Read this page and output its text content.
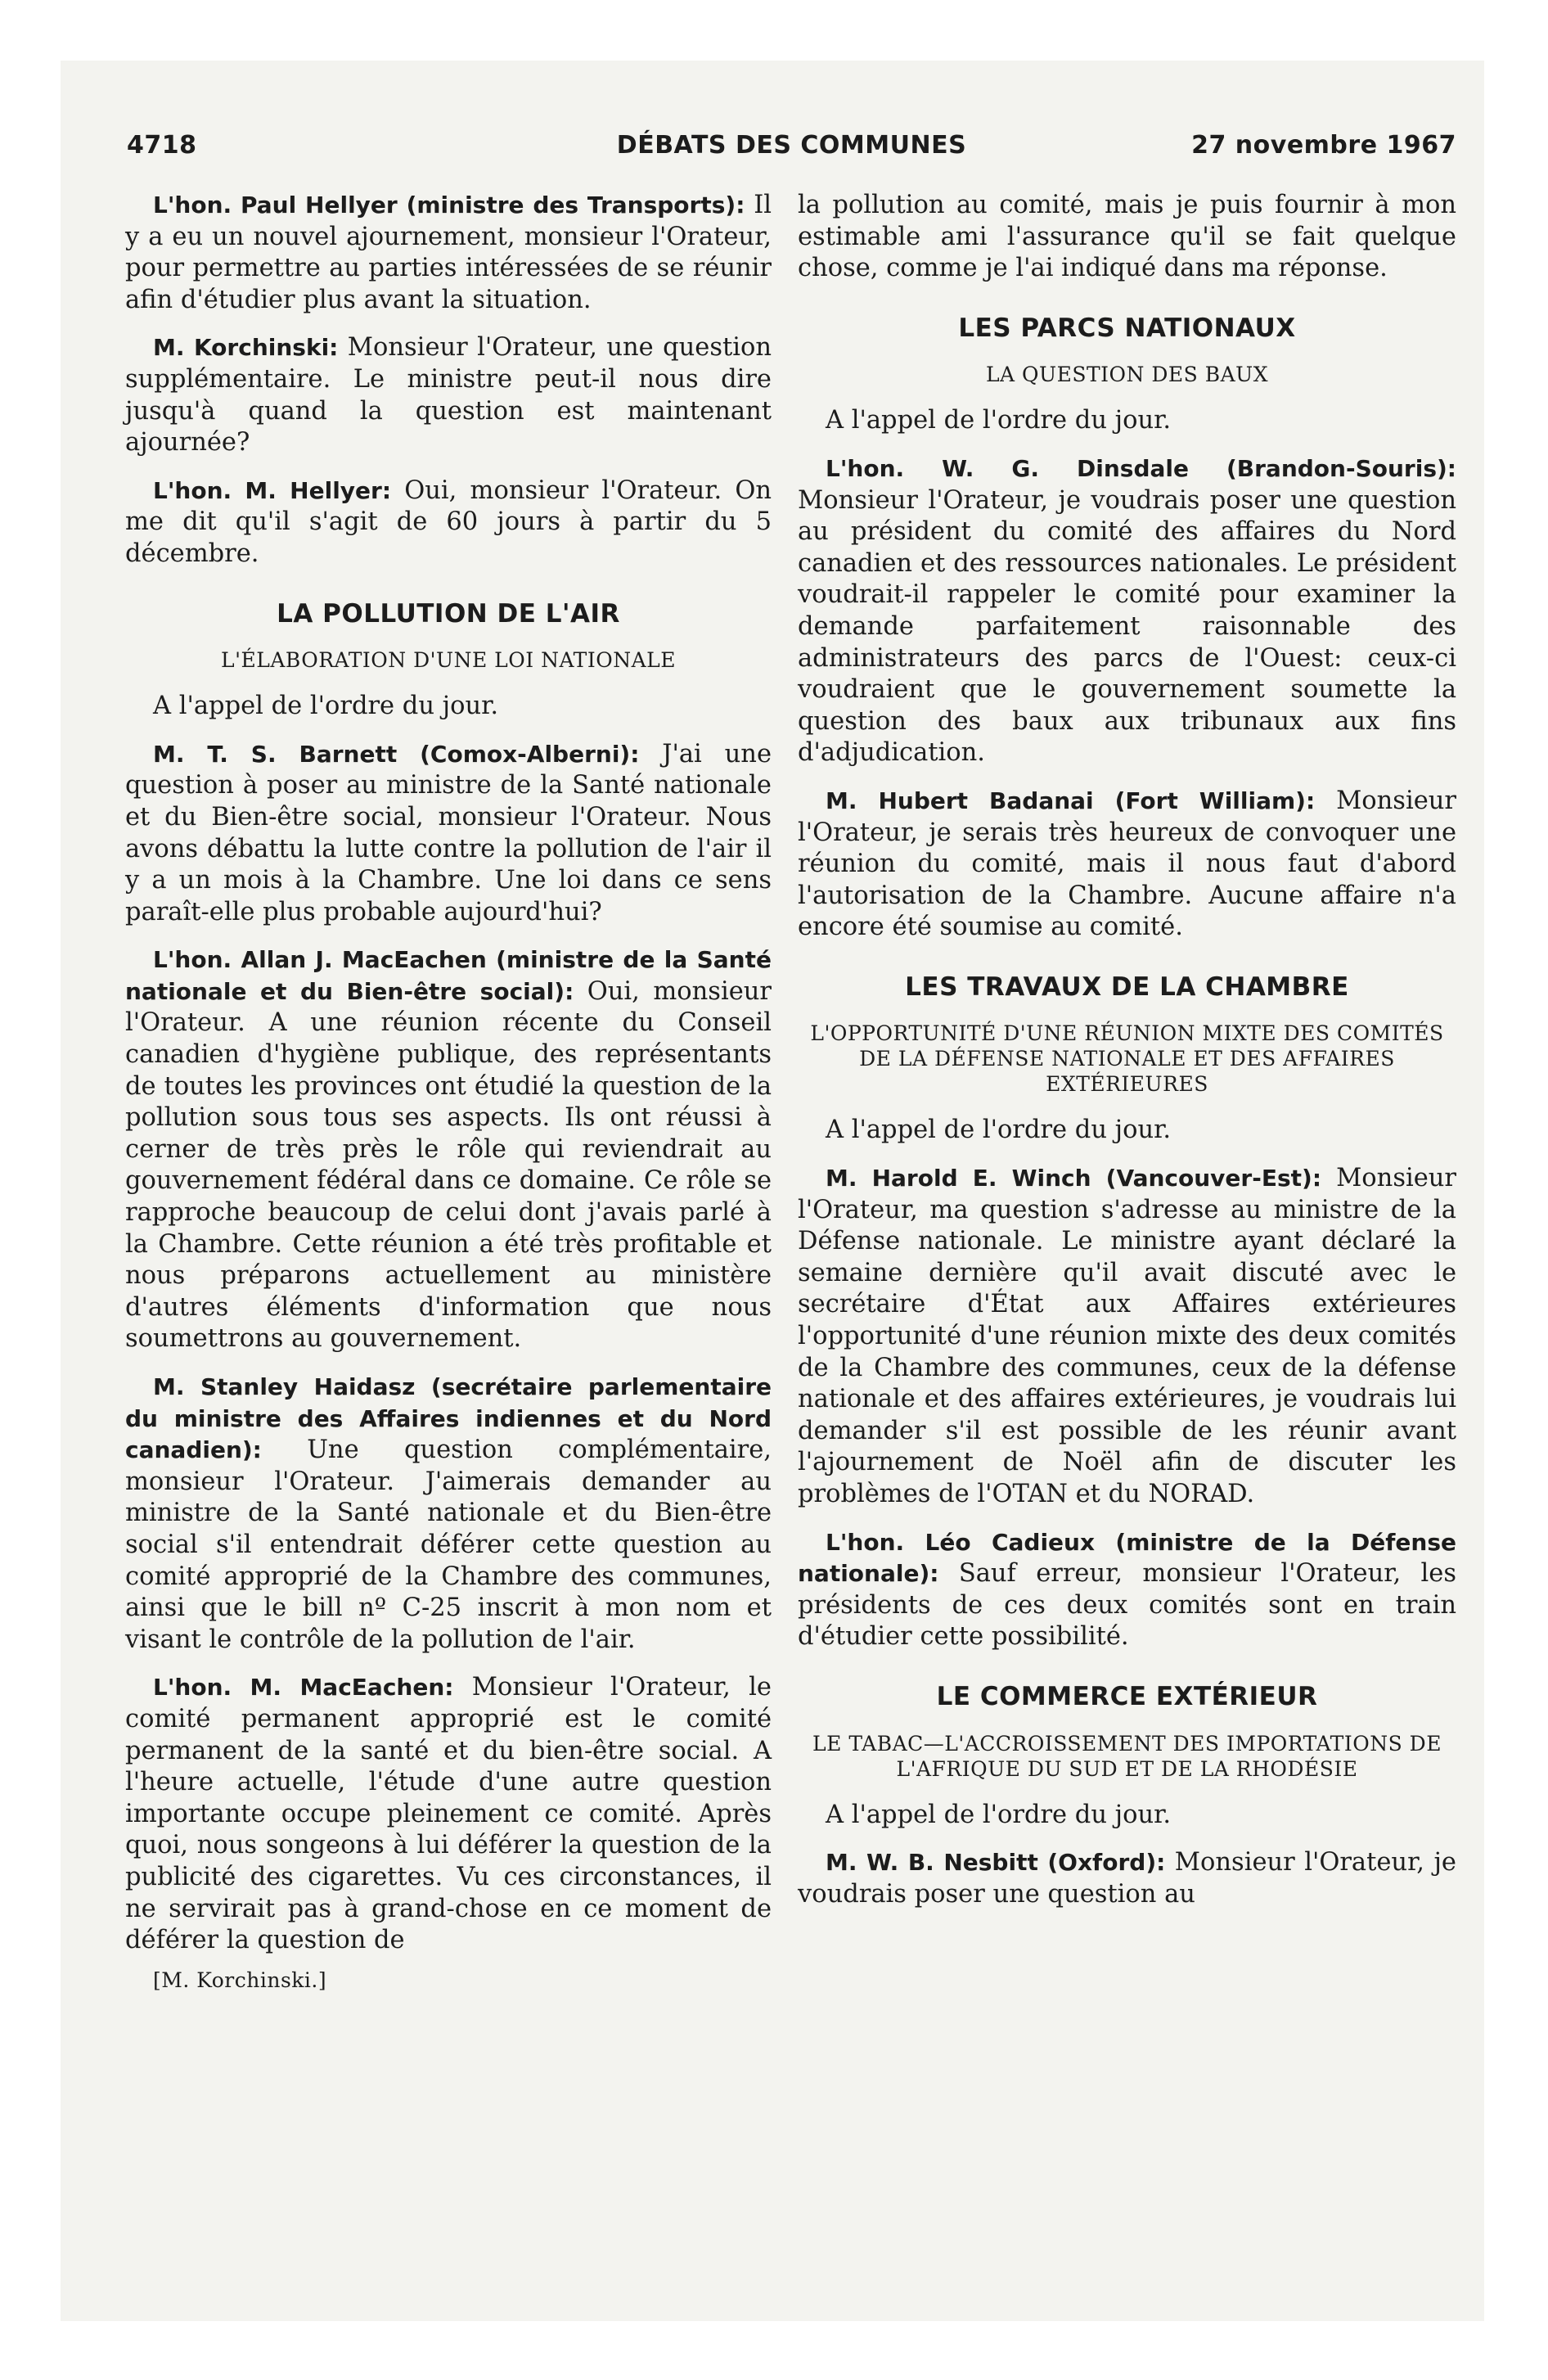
4718	DÉBATS DES COMMUNES	27 novembre 1967

L'hon. Paul Hellyer (ministre des Transports): Il y a eu un nouvel ajournement, monsieur l'Orateur, pour permettre au parties intéressées de se réunir afin d'étudier plus avant la situation.

M. Korchinski: Monsieur l'Orateur, une question supplémentaire. Le ministre peut-il nous dire jusqu'à quand la question est maintenant ajournée?

L'hon. M. Hellyer: Oui, monsieur l'Orateur. On me dit qu'il s'agit de 60 jours à partir du 5 décembre.

LA POLLUTION DE L'AIR
L'ÉLABORATION D'UNE LOI NATIONALE

A l'appel de l'ordre du jour.

M. T. S. Barnett (Comox-Alberni): J'ai une question à poser au ministre de la Santé nationale et du Bien-être social, monsieur l'Orateur. Nous avons débattu la lutte contre la pollution de l'air il y a un mois à la Chambre. Une loi dans ce sens paraît-elle plus probable aujourd'hui?

L'hon. Allan J. MacEachen (ministre de la Santé nationale et du Bien-être social): Oui, monsieur l'Orateur. A une réunion récente du Conseil canadien d'hygiène publique, des représentants de toutes les provinces ont étudié la question de la pollution sous tous ses aspects. Ils ont réussi à cerner de très près le rôle qui reviendrait au gouvernement fédéral dans ce domaine. Ce rôle se rapproche beaucoup de celui dont j'avais parlé à la Chambre. Cette réunion a été très profitable et nous préparons actuellement au ministère d'autres éléments d'information que nous soumettrons au gouvernement.

M. Stanley Haidasz (secrétaire parlementaire du ministre des Affaires indiennes et du Nord canadien): Une question complémentaire, monsieur l'Orateur. J'aimerais demander au ministre de la Santé nationale et du Bien-être social s'il entendrait déférer cette question au comité approprié de la Chambre des communes, ainsi que le bill nº C-25 inscrit à mon nom et visant le contrôle de la pollution de l'air.

L'hon. M. MacEachen: Monsieur l'Orateur, le comité permanent approprié est le comité permanent de la santé et du bien-être social. A l'heure actuelle, l'étude d'une autre question importante occupe pleinement ce comité. Après quoi, nous songeons à lui déférer la question de la publicité des cigarettes. Vu ces circonstances, il ne servirait pas à grand-chose en ce moment de déférer la question de

[M. Korchinski.]

la pollution au comité, mais je puis fournir à mon estimable ami l'assurance qu'il se fait quelque chose, comme je l'ai indiqué dans ma réponse.

LES PARCS NATIONAUX
LA QUESTION DES BAUX

A l'appel de l'ordre du jour.

L'hon. W. G. Dinsdale (Brandon-Souris): Monsieur l'Orateur, je voudrais poser une question au président du comité des affaires du Nord canadien et des ressources nationales. Le président voudrait-il rappeler le comité pour examiner la demande parfaitement raisonnable des administrateurs des parcs de l'Ouest: ceux-ci voudraient que le gouvernement soumette la question des baux aux tribunaux aux fins d'adjudication.

M. Hubert Badanai (Fort William): Monsieur l'Orateur, je serais très heureux de convoquer une réunion du comité, mais il nous faut d'abord l'autorisation de la Chambre. Aucune affaire n'a encore été soumise au comité.

LES TRAVAUX DE LA CHAMBRE
L'OPPORTUNITÉ D'UNE RÉUNION MIXTE DES COMITÉS DE LA DÉFENSE NATIONALE ET DES AFFAIRES EXTÉRIEURES

A l'appel de l'ordre du jour.

M. Harold E. Winch (Vancouver-Est): Monsieur l'Orateur, ma question s'adresse au ministre de la Défense nationale. Le ministre ayant déclaré la semaine dernière qu'il avait discuté avec le secrétaire d'État aux Affaires extérieures l'opportunité d'une réunion mixte des deux comités de la Chambre des communes, ceux de la défense nationale et des affaires extérieures, je voudrais lui demander s'il est possible de les réunir avant l'ajournement de Noël afin de discuter les problèmes de l'OTAN et du NORAD.

L'hon. Léo Cadieux (ministre de la Défense nationale): Sauf erreur, monsieur l'Orateur, les présidents de ces deux comités sont en train d'étudier cette possibilité.

LE COMMERCE EXTÉRIEUR
LE TABAC—L'ACCROISSEMENT DES IMPORTATIONS DE L'AFRIQUE DU SUD ET DE LA RHODÉSIE

A l'appel de l'ordre du jour.

M. W. B. Nesbitt (Oxford): Monsieur l'Orateur, je voudrais poser une question au
